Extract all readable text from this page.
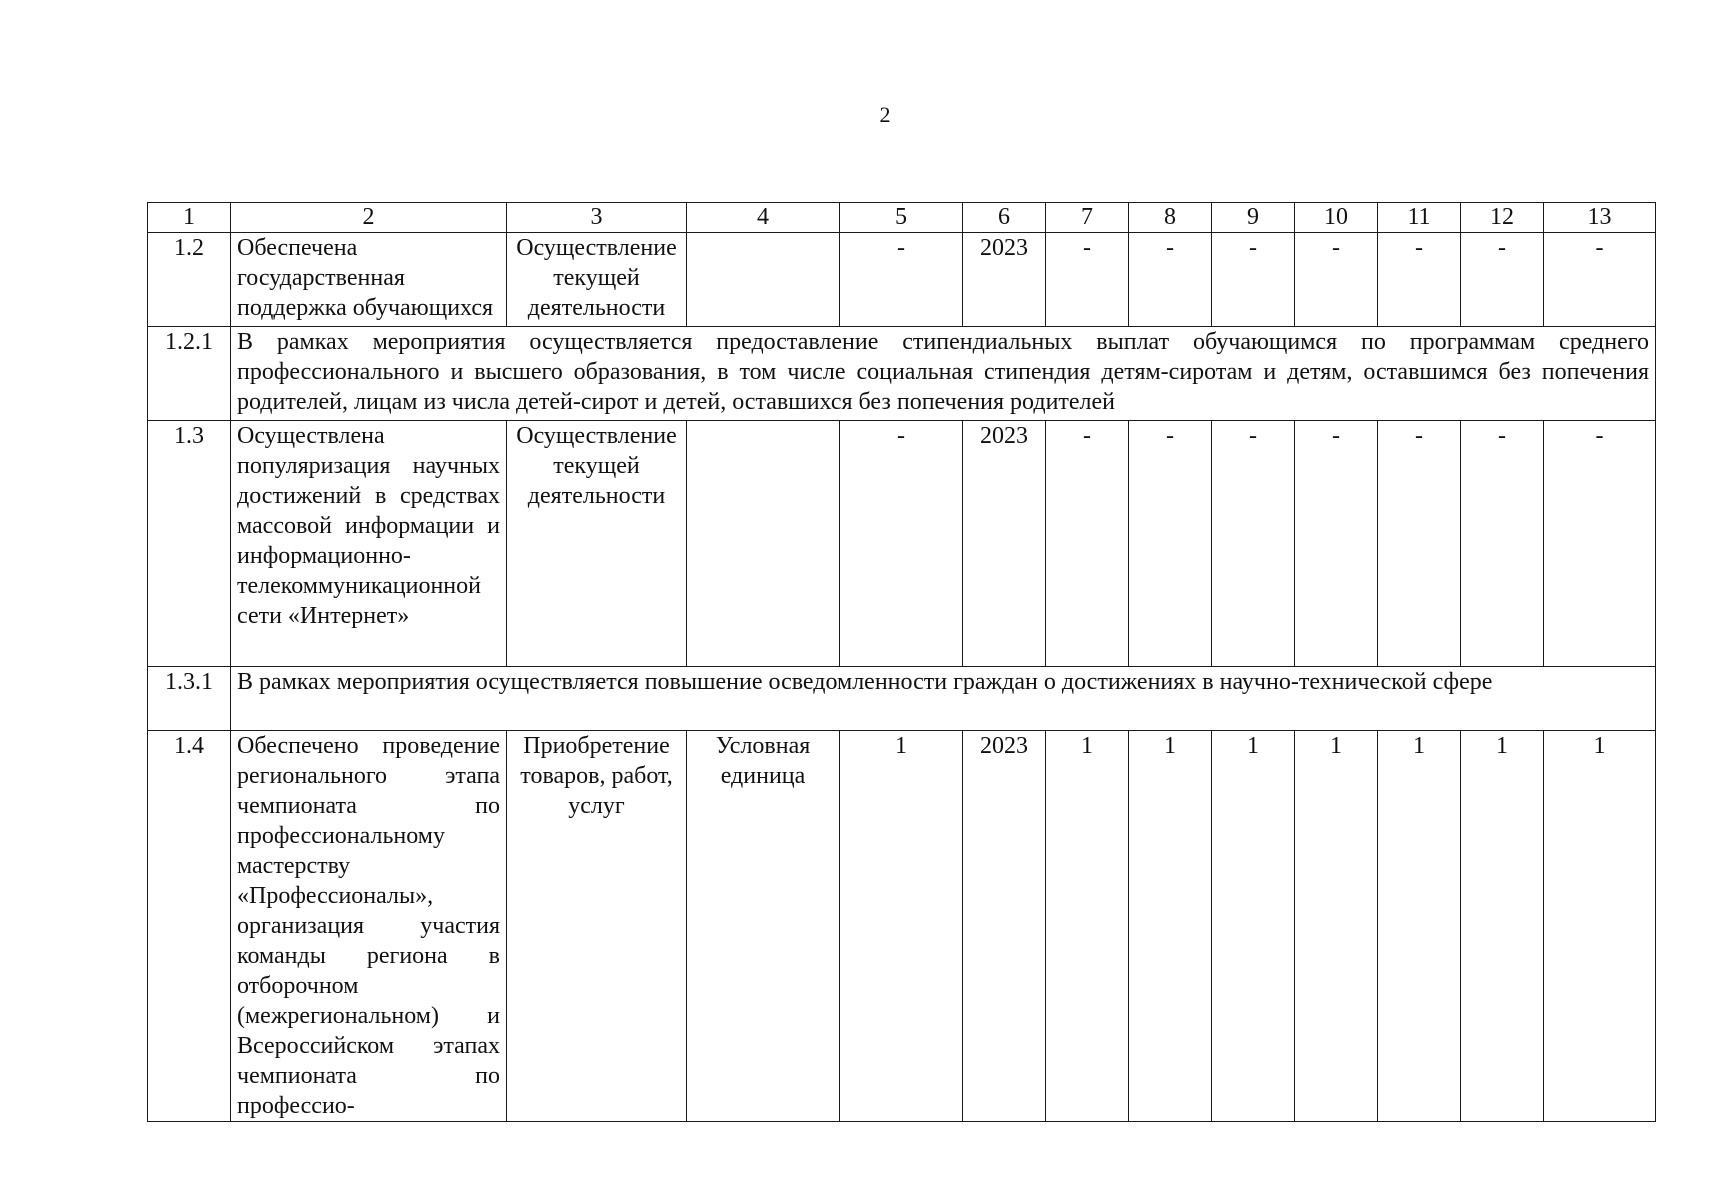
2
1	2	3	4	5	6	7	8	9	10	11	12	13
1.2	Обеспечена государственная поддержка обучающихся	Осуществление текущей деятельности		-	2023	-	-	-	-	-	-	-
1.2.1	В рамках мероприятия осуществляется предоставление стипендиальных выплат обучающимся по программам среднего профессионального и высшего образования, в том числе социальная стипендия детям-сиротам и детям, оставшимся без попечения родителей, лицам из числа детей-сирот и детей, оставшихся без попечения родителей											
1.3	Осуществлена популяризация научных достижений в средствах массовой информации и информационно-телекоммуникационной сети «Интернет»	Осуществление текущей деятельности		-	2023	-	-	-	-	-	-	-
1.3.1	В рамках мероприятия осуществляется повышение осведомленности граждан о достижениях в научно-технической сфере											
1.4	Обеспечено проведение регионального этапа чемпионата по профессиональному мастерству «Профессионалы», организация участия команды региона в отборочном (межрегиональном) и Всероссийском этапах чемпионата по профессио-	Приобретение товаров, работ, услуг	Условная единица	1	2023	1	1	1	1	1	1	1
